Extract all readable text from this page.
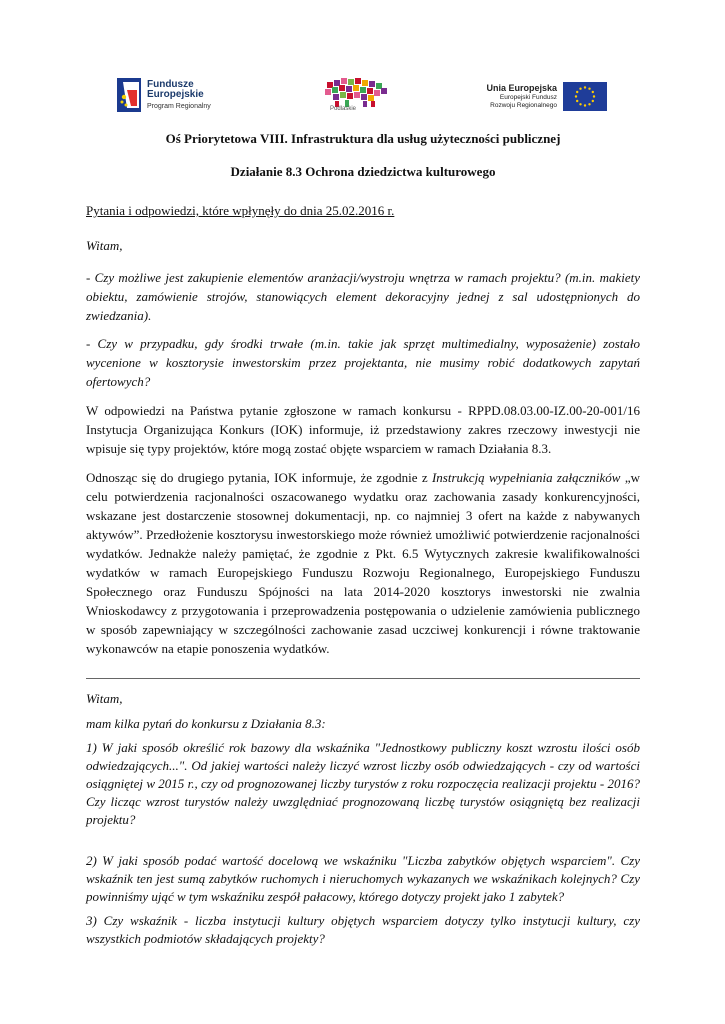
Fundusze
Europejskie
Program Regionalny	Podlaskie
Unia Europejska
Europejski Fundusz
Rozwoju Regionalnego
Oś Priorytetowa VIII. Infrastruktura dla usług użyteczności publicznej
Działanie 8.3 Ochrona dziedzictwa kulturowego
Pytania i odpowiedzi, które wpłynęły do dnia 25.02.2016 r.
Witam,

- Czy możliwe jest zakupienie elementów aranżacji/wystroju wnętrza w ramach projektu? (m.in. makiety obiektu, zamówienie strojów, stanowiących element dekoracyjny jednej z sal udostępnionych do zwiedzania).

- Czy w przypadku, gdy środki trwałe (m.in. takie jak sprzęt multimedialny, wyposażenie) zostało wycenione w kosztorysie inwestorskim przez projektanta, nie musimy robić dodatkowych zapytań ofertowych?

W odpowiedzi na Państwa pytanie zgłoszone w ramach konkursu - RPPD.08.03.00-IZ.00-20-001/16 Instytucja Organizująca Konkurs (IOK) informuje, iż przedstawiony zakres rzeczowy inwestycji nie wpisuje się typy projektów, które mogą zostać objęte wsparciem w ramach Działania 8.3.

Odnosząc się do drugiego pytania, IOK informuje, że zgodnie z Instrukcją wypełniania załączników „w celu potwierdzenia racjonalności oszacowanego wydatku oraz zachowania zasady konkurencyjności, wskazane jest dostarczenie stosownej dokumentacji, np. co najmniej 3 ofert na każde z nabywanych aktywów”. Przedłożenie kosztorysu inwestorskiego może również umożliwić potwierdzenie racjonalności wydatków. Jednakże należy pamiętać, że zgodnie z Pkt. 6.5 Wytycznych zakresie kwalifikowalności wydatków w ramach Europejskiego Funduszu Rozwoju Regionalnego, Europejskiego Funduszu Społecznego oraz Funduszu Spójności na lata 2014-2020 kosztorys inwestorski nie zwalnia Wnioskodawcy z przygotowania i przeprowadzenia postępowania o udzielenie zamówienia publicznego w sposób zapewniający w szczególności zachowanie zasad uczciwej konkurencji i równe traktowanie wykonawców na etapie ponoszenia wydatków.

Witam,
mam kilka pytań do konkursu z Działania 8.3:

1) W jaki sposób określić rok bazowy dla wskaźnika "Jednostkowy publiczny koszt wzrostu ilości osób odwiedzających...". Od jakiej wartości należy liczyć wzrost liczby osób odwiedzających - czy od wartości osiągniętej w 2015 r., czy od prognozowanej liczby turystów z roku rozpoczęcia realizacji projektu - 2016? Czy licząc wzrost turystów należy uwzględniać prognozowaną liczbę turystów osiągniętą bez realizacji projektu?

2) W jaki sposób podać wartość docelową we wskaźniku "Liczba zabytków objętych wsparciem". Czy wskaźnik ten jest sumą zabytków ruchomych i nieruchomych wykazanych we wskaźnikach kolejnych? Czy powinniśmy ująć w tym wskaźniku zespół pałacowy, którego dotyczy projekt jako 1 zabytek?

3) Czy wskaźnik - liczba instytucji kultury objętych wsparciem dotyczy tylko instytucji kultury, czy wszystkich podmiotów składających projekty?
